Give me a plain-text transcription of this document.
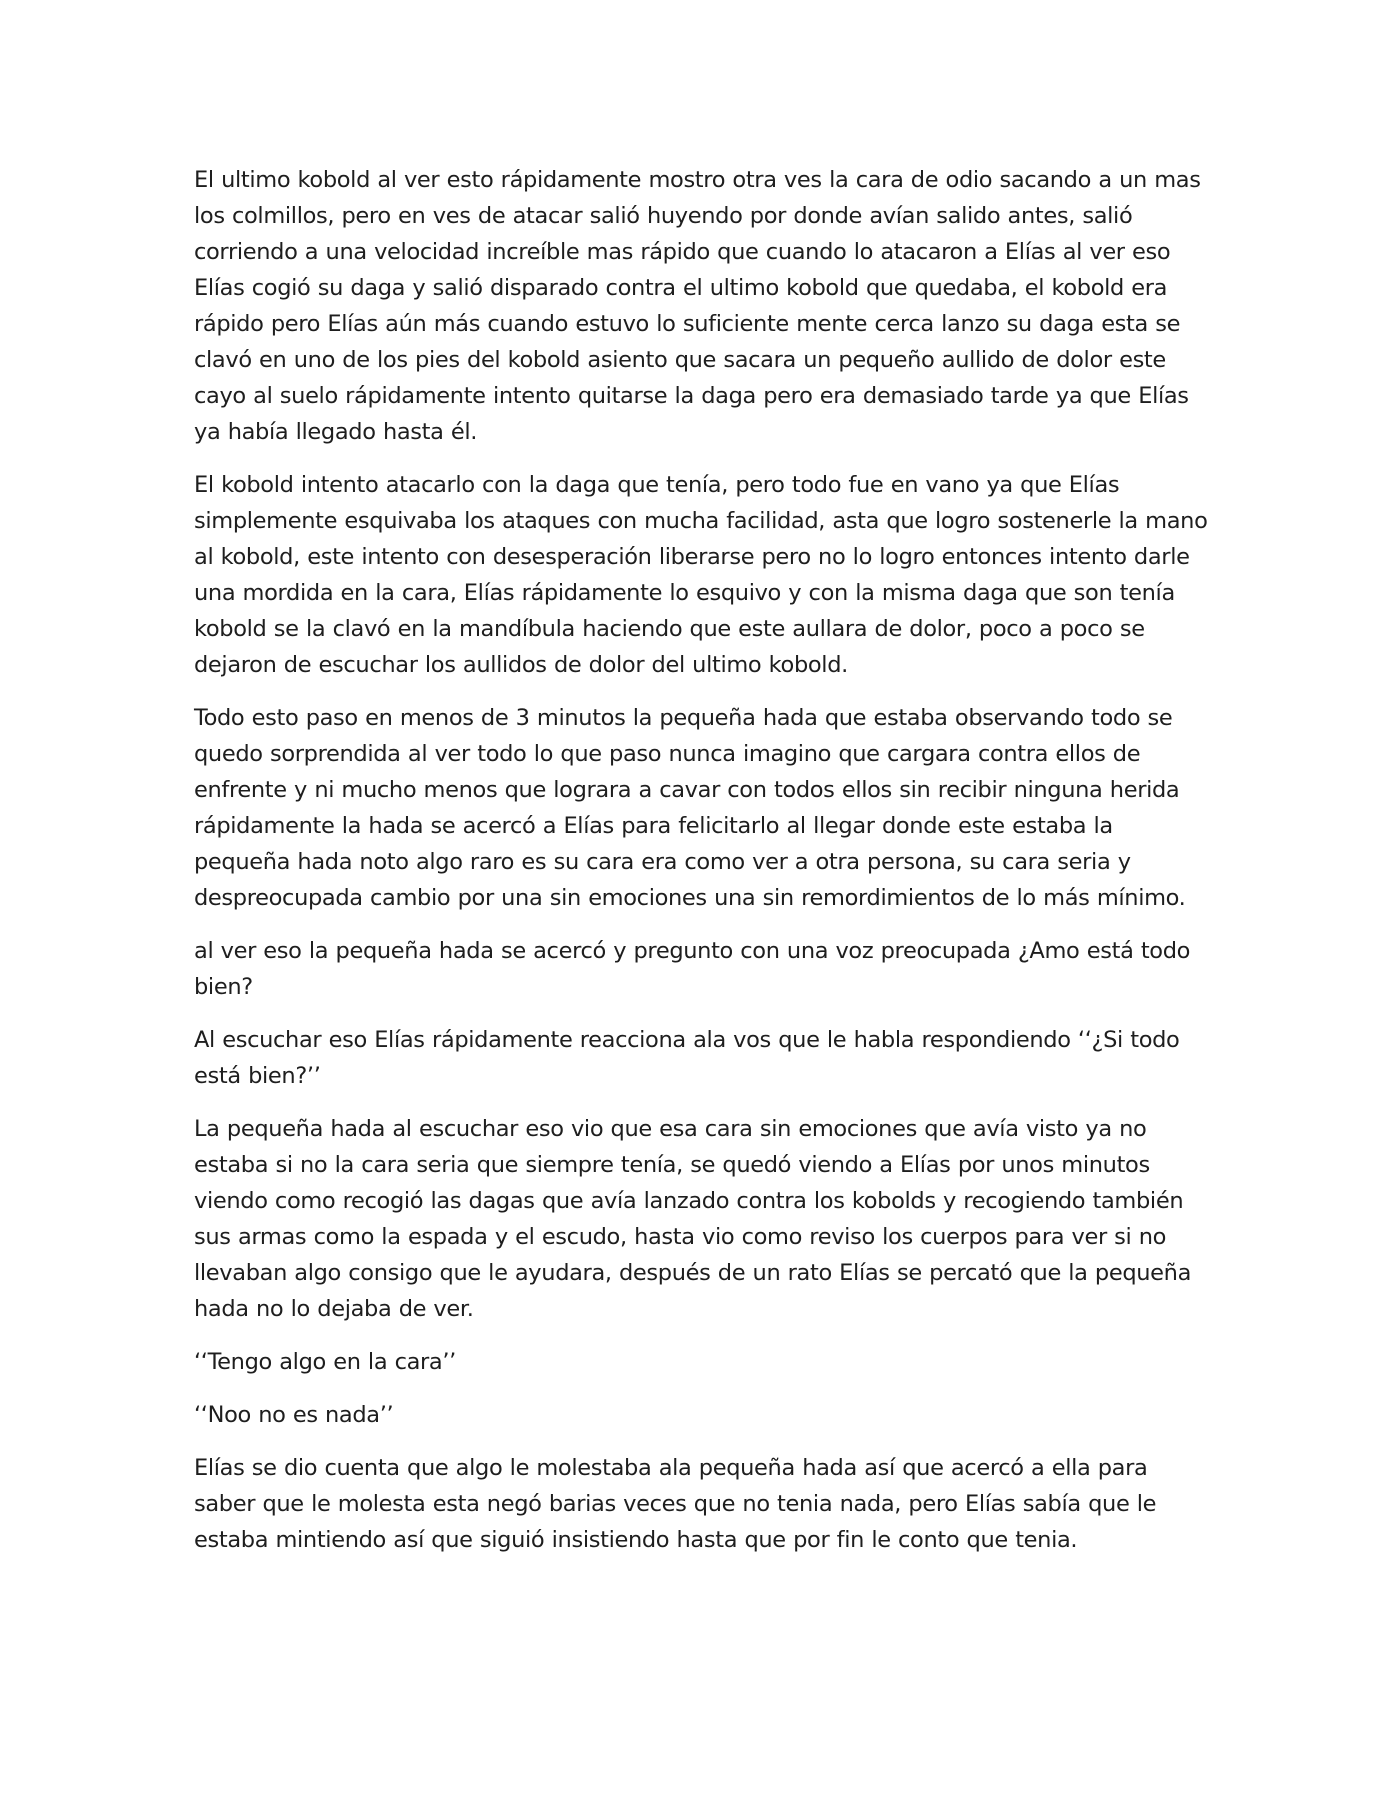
El ultimo kobold al ver esto rápidamente mostro otra ves la cara de odio sacando a un mas los colmillos, pero en ves de atacar salió huyendo por donde avían salido antes, salió corriendo a una velocidad increíble mas rápido que cuando lo atacaron a Elías al ver eso Elías cogió su daga y salió disparado contra el ultimo kobold que quedaba, el kobold era rápido pero Elías aún más cuando estuvo lo suficiente mente cerca lanzo su daga esta se clavó en uno de los pies del kobold asiento que sacara un pequeño aullido de dolor este cayo al suelo rápidamente intento quitarse la daga pero era demasiado tarde ya que Elías ya había llegado hasta él.

El kobold intento atacarlo con la daga que tenía, pero todo fue en vano ya que Elías simplemente esquivaba los ataques con mucha facilidad, asta que logro sostenerle la mano al kobold, este intento con desesperación liberarse pero no lo logro entonces intento darle una mordida en la cara, Elías rápidamente lo esquivo y con la misma daga que son tenía kobold se la clavó en la mandíbula haciendo que este aullara de dolor, poco a poco se dejaron de escuchar los aullidos de dolor del ultimo kobold.

Todo esto paso en menos de 3 minutos la pequeña hada que estaba observando todo se quedo sorprendida al ver todo lo que paso nunca imagino que cargara contra ellos de enfrente y ni mucho menos que lograra a cavar con todos ellos sin recibir ninguna herida rápidamente la hada se acercó a Elías para felicitarlo al llegar donde este estaba la pequeña hada noto algo raro es su cara era como ver a otra persona, su cara seria y despreocupada cambio por una sin emociones una sin remordimientos de lo más mínimo.

al ver eso la pequeña hada se acercó y pregunto con una voz preocupada ¿Amo está todo bien?

Al escuchar eso Elías rápidamente reacciona ala vos que le habla respondiendo ‘‘¿Si todo está bien?’’

La pequeña hada al escuchar eso vio que esa cara sin emociones que avía visto ya no estaba si no la cara seria que siempre tenía, se quedó viendo a Elías por unos minutos viendo como recogió las dagas que avía lanzado contra los kobolds y recogiendo también sus armas como la espada y el escudo, hasta vio como reviso los cuerpos para ver si no llevaban algo consigo que le ayudara, después de un rato Elías se percató que la pequeña hada no lo dejaba de ver.

‘‘Tengo algo en la cara’’

‘‘Noo no es nada’’

Elías se dio cuenta que algo le molestaba ala pequeña hada así que acercó a ella para saber que le molesta esta negó barias veces que no tenia nada, pero Elías sabía que le estaba mintiendo así que siguió insistiendo hasta que por fin le conto que tenia.
